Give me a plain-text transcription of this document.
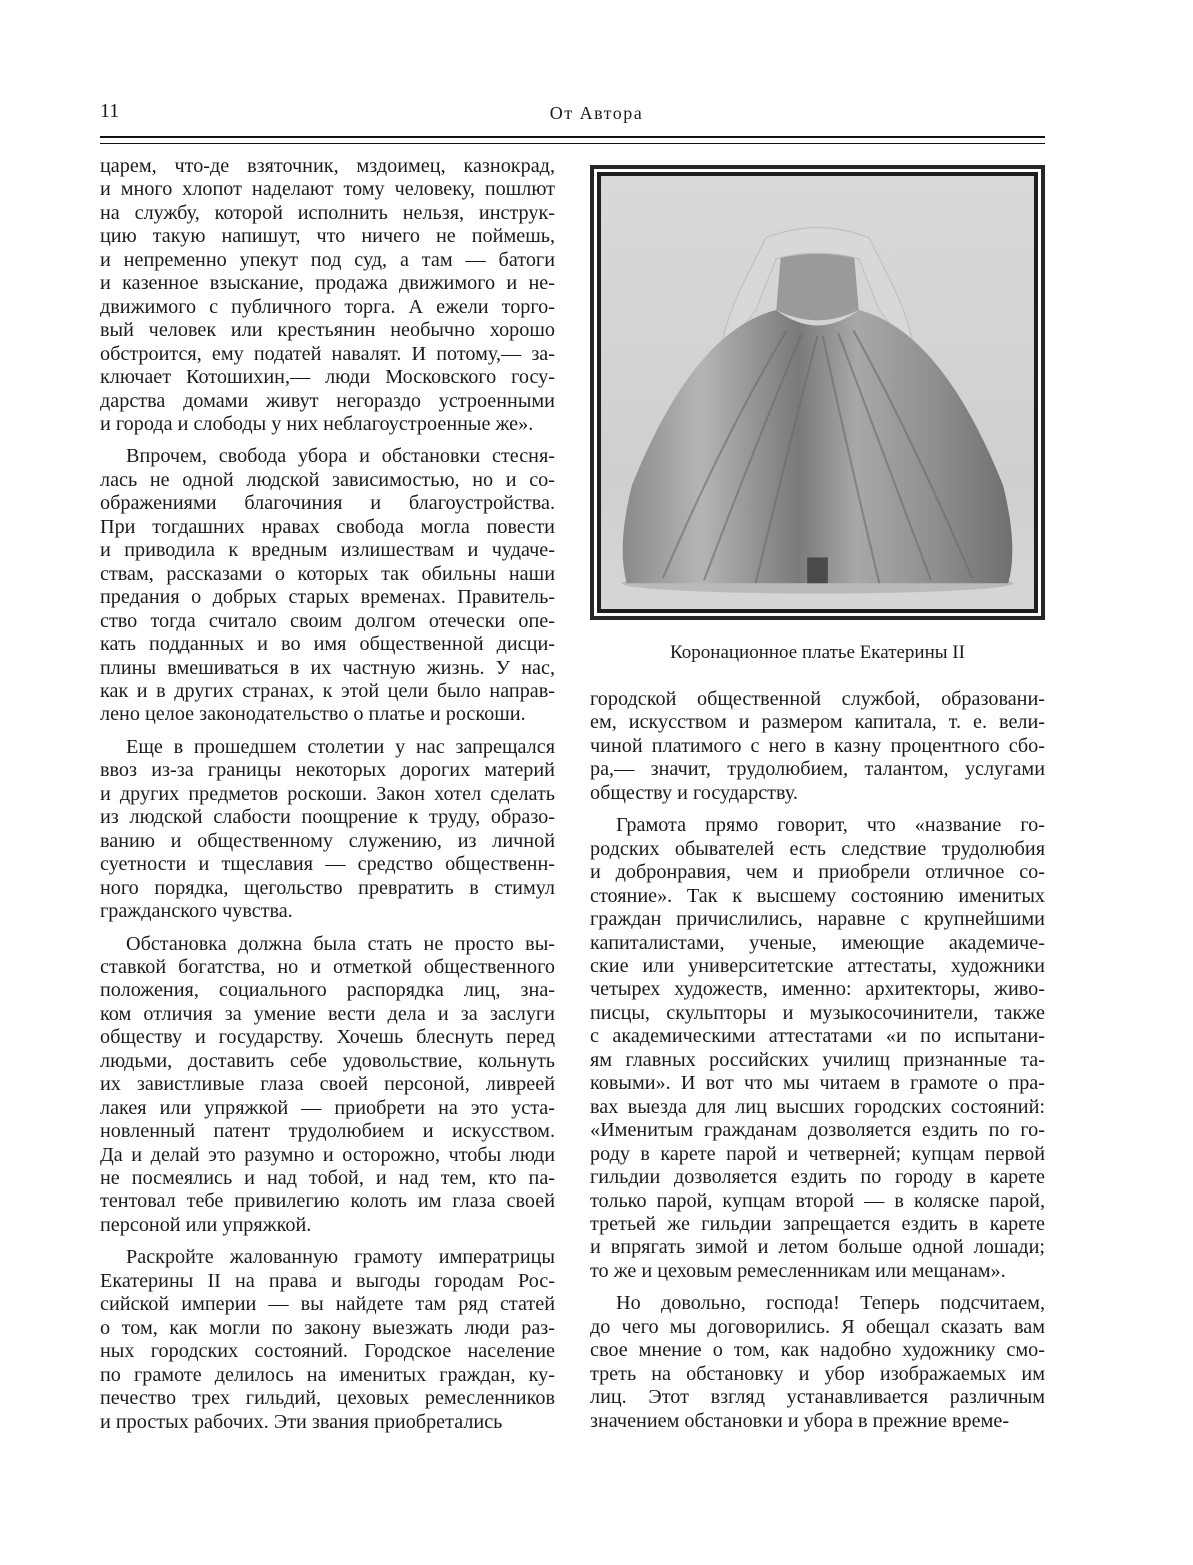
11	От Автора

царем, что-де взяточник, мздоимец, казнокрад,

и много хлопот наделают тому человеку, пошлют

на службу, которой исполнить нельзя, инструк-

цию такую напишут, что ничего не поймешь,

и непременно упекут под суд, а там — батоги

и казенное взыскание, продажа движимого и не-

движимого с публичного торга. А ежели торго-

вый человек или крестьянин необычно хорошо

обстроится, ему податей навалят. И потому,— за-

ключает Котошихин,— люди Московского госу-

дарства домами живут негораздо устроенными

и города и слободы у них неблагоустроенные же».

Впрочем, свобода убора и обстановки стесня-

лась не одной людской зависимостью, но и со-

ображениями благочиния и благоустройства.

При тогдашних нравах свобода могла повести

и приводила к вредным излишествам и чудаче-

ствам, рассказами о которых так обильны наши

предания о добрых старых временах. Правитель-

ство тогда считало своим долгом отечески опе-

кать подданных и во имя общественной дисци-

плины вмешиваться в их частную жизнь. У нас,

как и в других странах, к этой цели было направ-

лено целое законодательство о платье и роскоши.

Еще в прошедшем столетии у нас запрещался

ввоз из-за границы некоторых дорогих материй

и других предметов роскоши. Закон хотел сделать

из людской слабости поощрение к труду, образо-

ванию и общественному служению, из личной

суетности и тщеславия — средство общественн-

ного порядка, щегольство превратить в стимул

гражданского чувства.

Обстановка должна была стать не просто вы-

ставкой богатства, но и отметкой общественного

положения, социального распорядка лиц, зна-

ком отличия за умение вести дела и за заслуги

обществу и государству. Хочешь блеснуть перед

людьми, доставить себе удовольствие, кольнуть

их завистливые глаза своей персоной, ливреей

лакея или упряжкой — приобрети на это уста-

новленный патент трудолюбием и искусством.

Да и делай это разумно и осторожно, чтобы люди

не посмеялись и над тобой, и над тем, кто па-

тентовал тебе привилегию колоть им глаза своей

персоной или упряжкой.

Раскройте жалованную грамоту императрицы

Екатерины II на права и выгоды городам Рос-

сийской империи — вы найдете там ряд статей

о том, как могли по закону выезжать люди раз-

ных городских состояний. Городское население

по грамоте делилось на именитых граждан, ку-

печество трех гильдий, цеховых ремесленников

и простых рабочих. Эти звания приобретались

Коронационное платье Екатерины II

городской общественной службой, образовани-

ем, искусством и размером капитала, т. е. вели-

чиной платимого с него в казну процентного сбо-

ра,— значит, трудолюбием, талантом, услугами

обществу и государству.

Грамота прямо говорит, что «название го-

родских обывателей есть следствие трудолюбия

и добронравия, чем и приобрели отличное со-

стояние». Так к высшему состоянию именитых

граждан причислились, наравне с крупнейшими

капиталистами, ученые, имеющие академиче-

ские или университетские аттестаты, художники

четырех художеств, именно: архитекторы, живо-

писцы, скульпторы и музыкосочинители, также

с академическими аттестатами «и по испытани-

ям главных российских училищ признанные та-

ковыми». И вот что мы читаем в грамоте о пра-

вах выезда для лиц высших городских состояний:

«Именитым гражданам дозволяется ездить по го-

роду в карете парой и четверней; купцам первой

гильдии дозволяется ездить по городу в карете

только парой, купцам второй — в коляске парой,

третьей же гильдии запрещается ездить в карете

и впрягать зимой и летом больше одной лошади;

то же и цеховым ремесленникам или мещанам».

Но довольно, господа! Теперь подсчитаем,

до чего мы договорились. Я обещал сказать вам

свое мнение о том, как надобно художнику смо-

треть на обстановку и убор изображаемых им

лиц. Этот взгляд устанавливается различным

значением обстановки и убора в прежние време-
